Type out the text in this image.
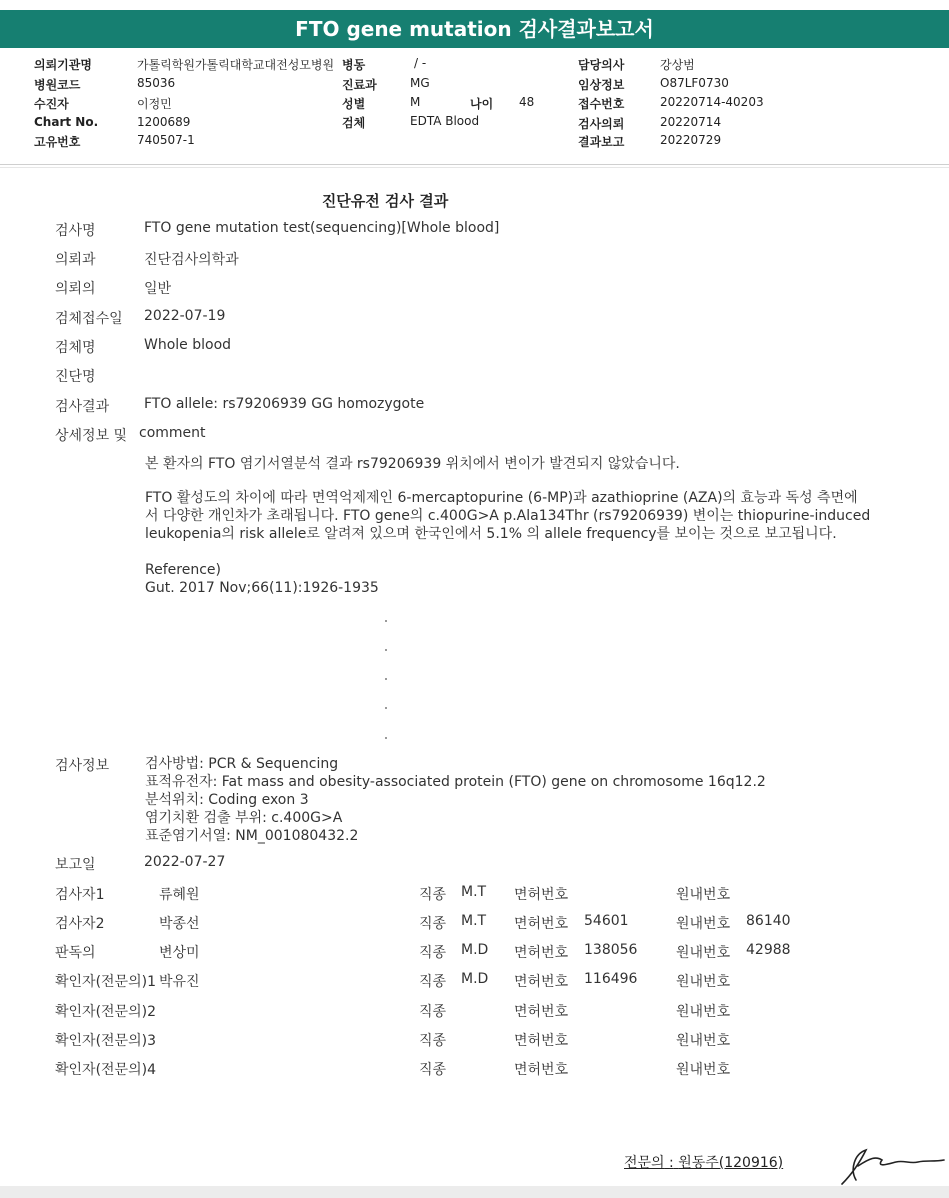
FTO gene mutation 검사결과보고서
의뢰기관명	가톨릭학원가톨릭대학교대전성모병원
병원코드	85036
수진자	이정민
Chart No.	1200689
고유번호	740507-1
병동	/ -
진료과	MG
성별	M	나이 48
검체	EDTA Blood
담당의사	강상범
임상정보	O87LF0730
접수번호	20220714-40203
검사의뢰	20220714
결과보고	20220729
진단유전 검사 결과
검사명	FTO gene mutation test(sequencing)[Whole blood]
의뢰과	진단검사의학과
의뢰의	일반
검체접수일 2022-07-19
검체명	Whole blood
진단명
검사결과 FTO allele: rs79206939 GG homozygote
상세정보 및 comment
본 환자의 FTO 염기서열분석 결과 rs79206939 위치에서 변이가 발견되지 않았습니다.
FTO 활성도의 차이에 따라 면역억제제인 6-mercaptopurine (6-MP)과 azathioprine (AZA)의 효능과 독성 측면에
서 다양한 개인차가 초래됩니다. FTO gene의 c.400G>A p.Ala134Thr (rs79206939) 변이는 thiopurine-induced
leukopenia의 risk allele로 알려져 있으며 한국인에서 5.1% 의 allele frequency를 보이는 것으로 보고됩니다.
Reference)
Gut. 2017 Nov;66(11):1926-1935
검사정보	검사방법: PCR & Sequencing
표적유전자: Fat mass and obesity-associated protein (FTO) gene on chromosome 16q12.2
분석위치: Coding exon 3
염기치환 검출 부위: c.400G>A
표준염기서열: NM_001080432.2
보고일	2022-07-27
검사자1	류혜원	직종 M.T 면허번호	원내번호
검사자2	박종선	직종 M.T 면허번호 54601	원내번호 86140
판독의	변상미	직종 M.D 면허번호 138056	원내번호 42988
확인자(전문의)1 박유진	직종 M.D 면허번호 116496	원내번호
확인자(전문의)2	직종	면허번호	원내번호
확인자(전문의)3	직종	면허번호	원내번호
확인자(전문의)4	직종	면허번호	원내번호
전문의 : 원동주(120916)
